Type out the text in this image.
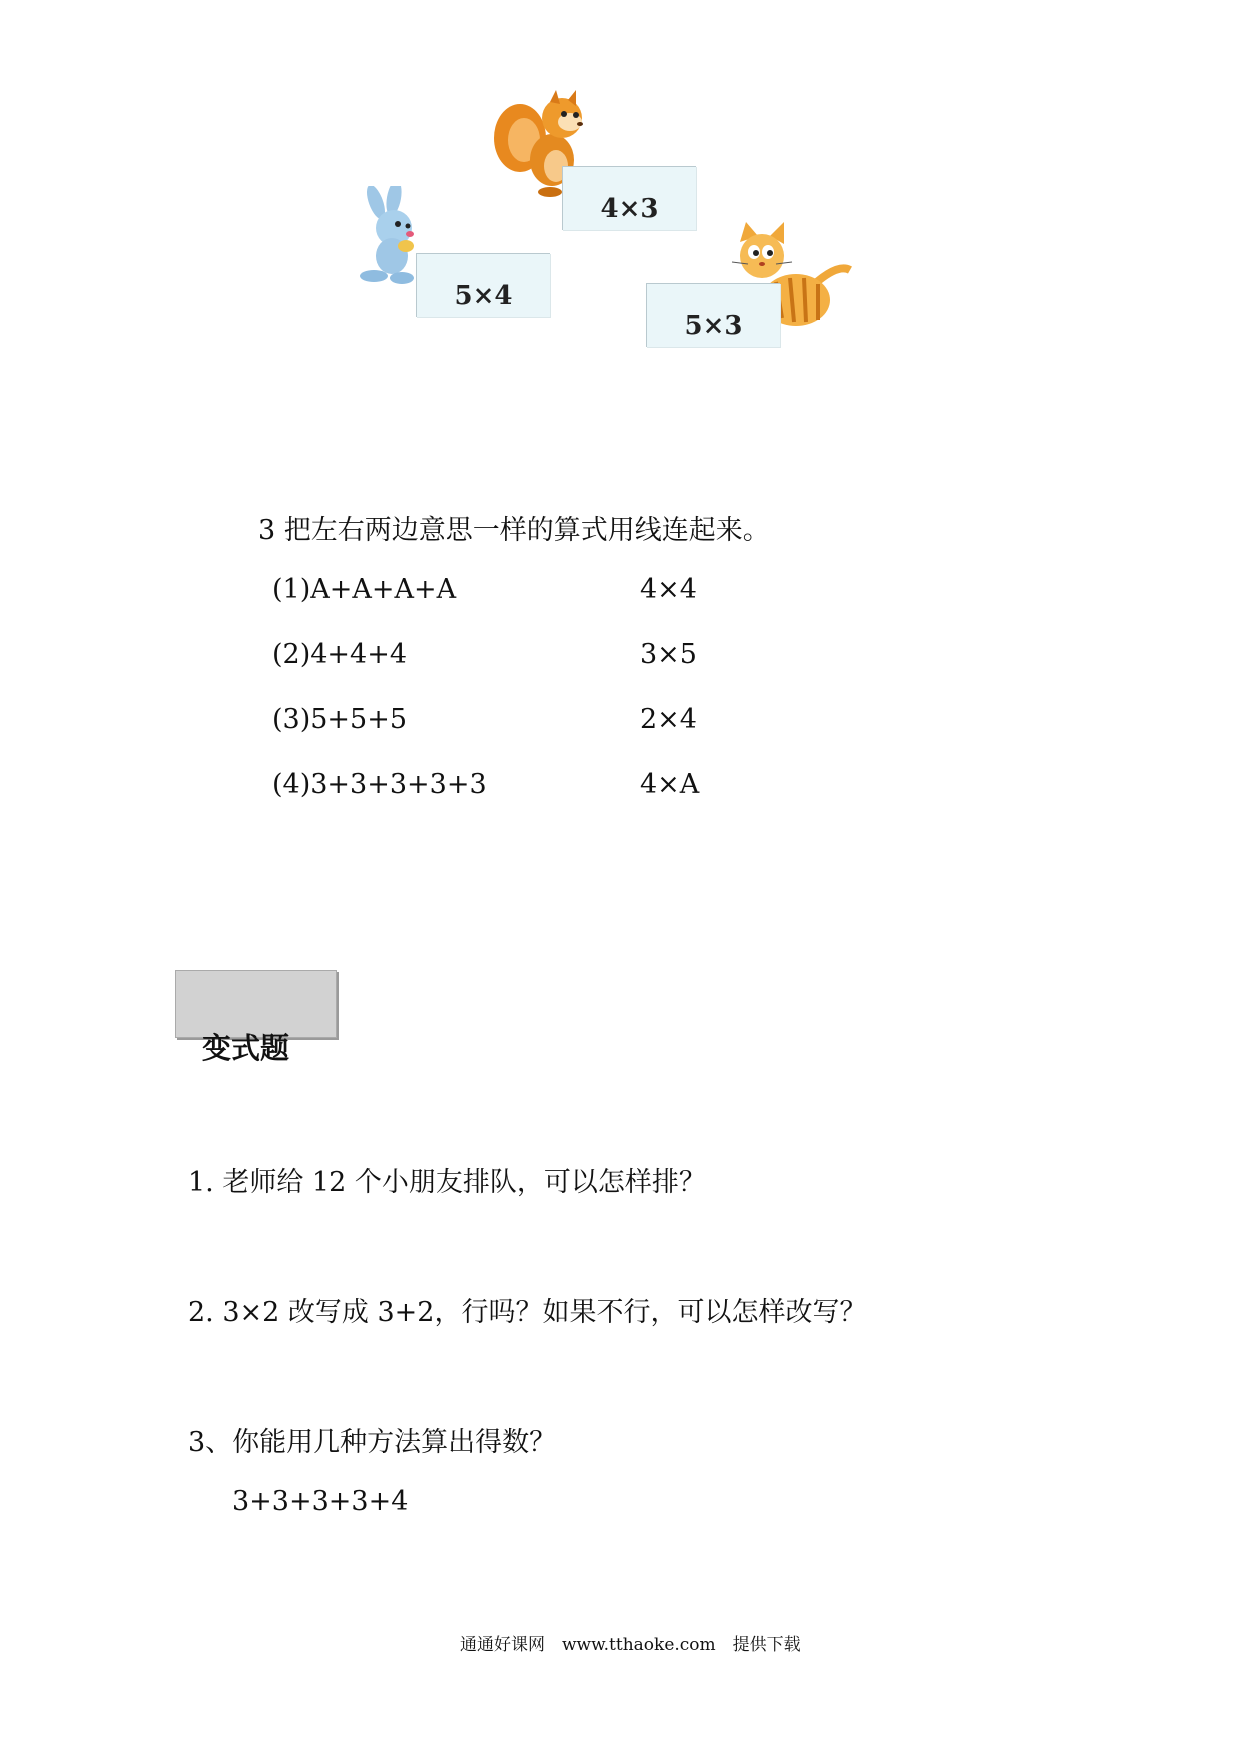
4×3
5×4
5×3
3 把左右两边意思一样的算式用线连起来。
(1)A+A+A+A	4×4
(2)4+4+4	3×5
(3)5+5+5	2×4
(4)3+3+3+3+3	4×A
变式题
1. 老师给 12 个小朋友排队，可以怎样排？
2. 3×2 改写成 3+2，行吗？如果不行，可以怎样改写？
3、你能用几种方法算出得数？
3+3+3+3+4
通通好课网　www.tthaoke.com　提供下载
